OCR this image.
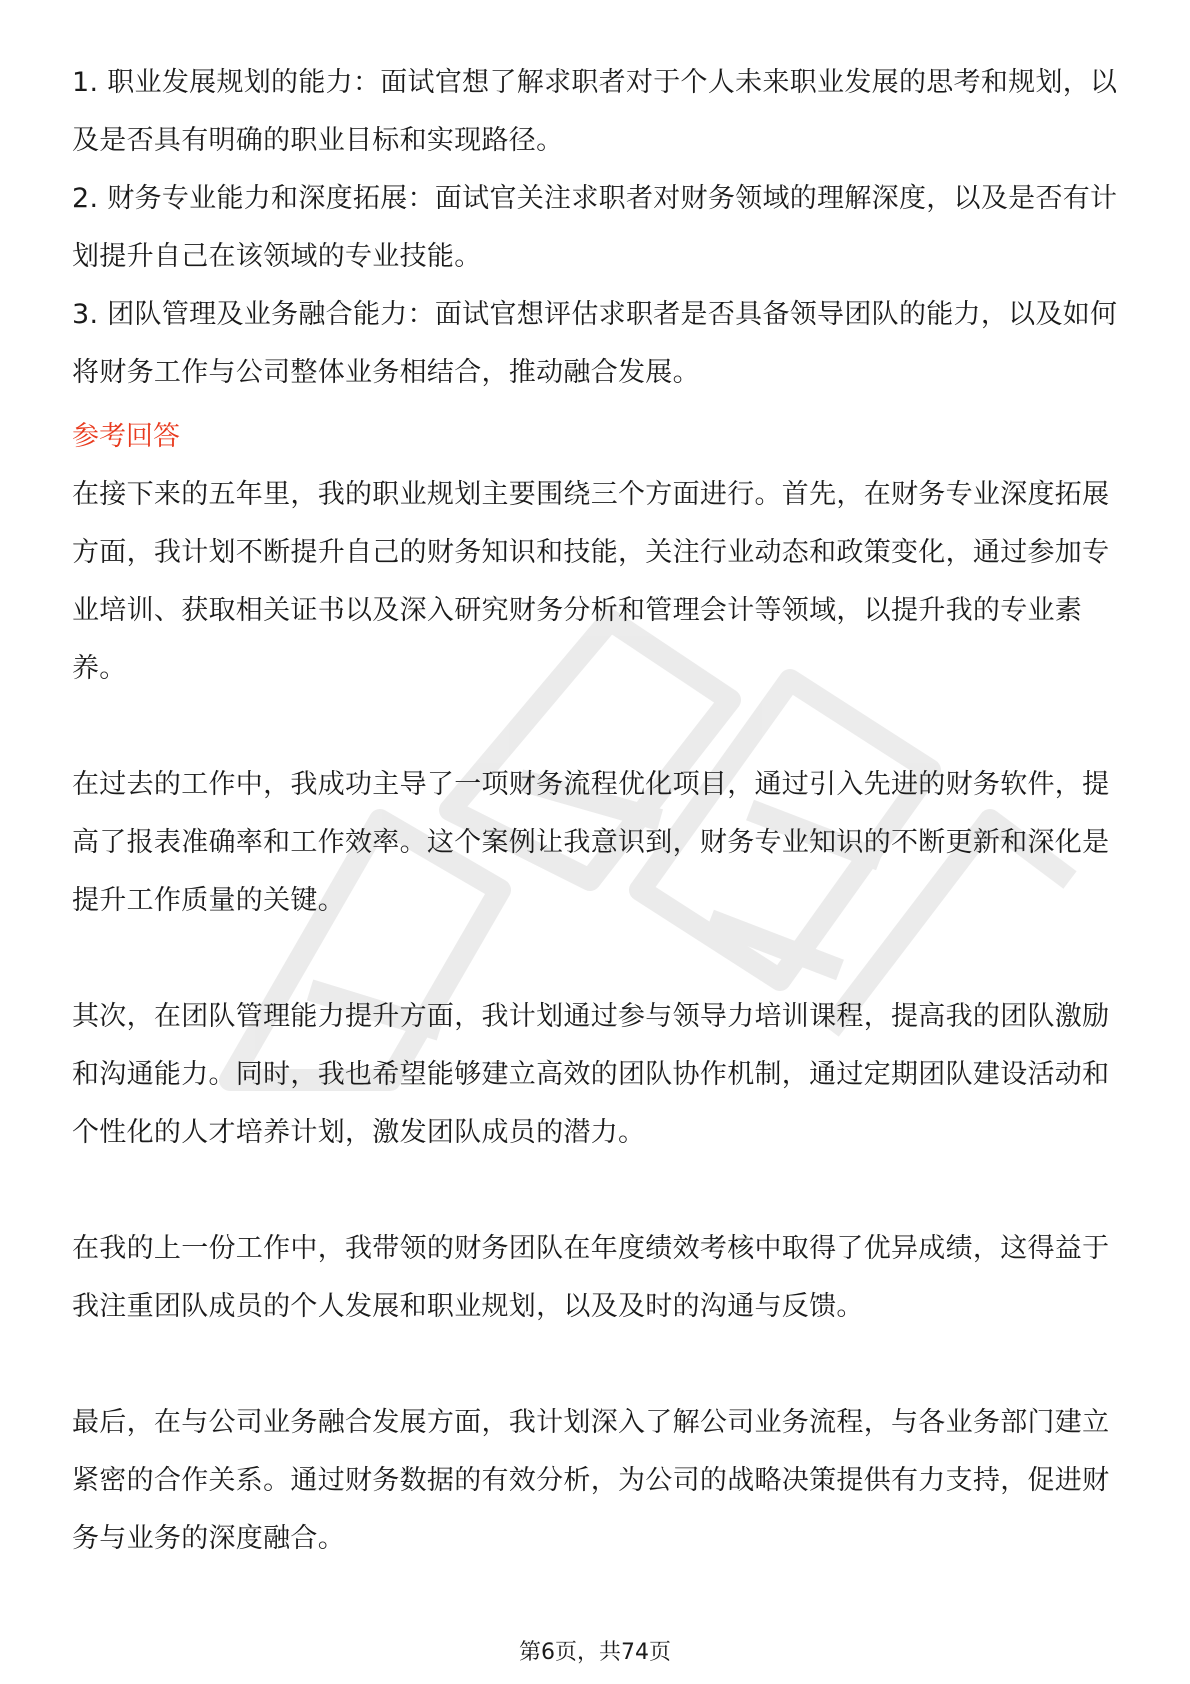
1. 职业发展规划的能力：面试官想了解求职者对于个人未来职业发展的思考和规划，以及是否具有明确的职业目标和实现路径。

2. 财务专业能力和深度拓展：面试官关注求职者对财务领域的理解深度，以及是否有计划提升自己在该领域的专业技能。

3. 团队管理及业务融合能力：面试官想评估求职者是否具备领导团队的能力，以及如何将财务工作与公司整体业务相结合，推动融合发展。

参考回答

在接下来的五年里，我的职业规划主要围绕三个方面进行。首先，在财务专业深度拓展方面，我计划不断提升自己的财务知识和技能，关注行业动态和政策变化，通过参加专业培训、获取相关证书以及深入研究财务分析和管理会计等领域，以提升我的专业素养。

在过去的工作中，我成功主导了一项财务流程优化项目，通过引入先进的财务软件，提高了报表准确率和工作效率。这个案例让我意识到，财务专业知识的不断更新和深化是提升工作质量的关键。

其次，在团队管理能力提升方面，我计划通过参与领导力培训课程，提高我的团队激励和沟通能力。同时，我也希望能够建立高效的团队协作机制，通过定期团队建设活动和个性化的人才培养计划，激发团队成员的潜力。

在我的上一份工作中，我带领的财务团队在年度绩效考核中取得了优异成绩，这得益于我注重团队成员的个人发展和职业规划，以及及时的沟通与反馈。

最后，在与公司业务融合发展方面，我计划深入了解公司业务流程，与各业务部门建立紧密的合作关系。通过财务数据的有效分析，为公司的战略决策提供有力支持，促进财务与业务的深度融合。

第6页，共74页
